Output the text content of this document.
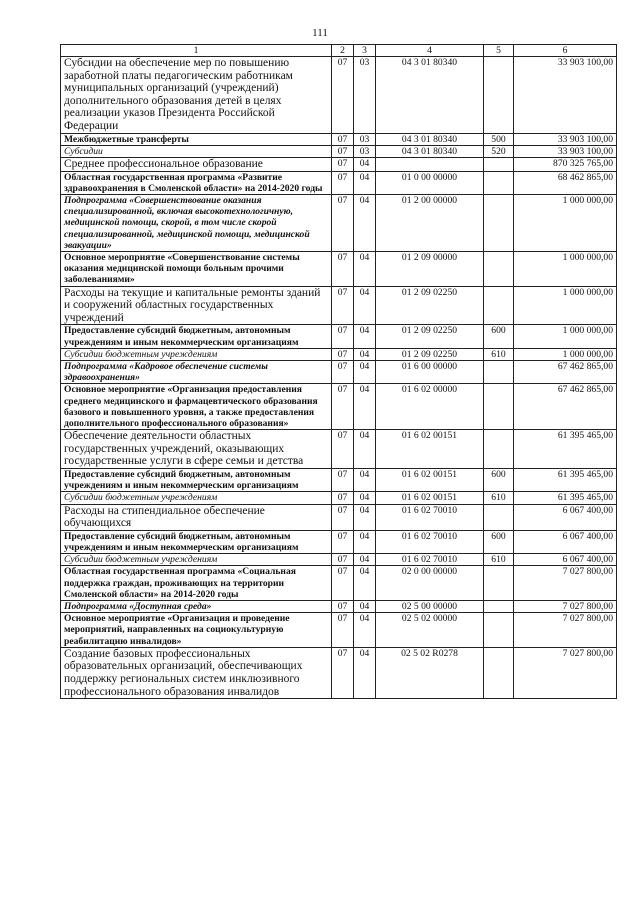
111
1	2	3	4	5	6
Субсидии на обеспечение мер по повышению заработной платы педагогическим работникам муниципальных организаций (учреждений) дополнительного образования детей в целях реализации указов Президента Российской Федерации	07	03	04 3 01 80340		33 903 100,00
Межбюджетные трансферты	07	03	04 3 01 80340	500	33 903 100,00
Субсидии	07	03	04 3 01 80340	520	33 903 100,00
Среднее профессиональное образование	07	04			870 325 765,00
Областная государственная программа «Развитие здравоохранения в Смоленской области» на 2014-2020 годы	07	04	01 0 00 00000		68 462 865,00
Подпрограмма «Совершенствование оказания специализированной, включая высокотехнологичную, медицинской помощи, скорой, в том числе скорой специализированной, медицинской помощи, медицинской эвакуации»	07	04	01 2 00 00000		1 000 000,00
Основное мероприятие «Совершенствование системы оказания медицинской помощи больным прочими заболеваниями»	07	04	01 2 09 00000		1 000 000,00
Расходы на текущие и капитальные ремонты зданий и сооружений областных государственных учреждений	07	04	01 2 09 02250		1 000 000,00
Предоставление субсидий бюджетным, автономным учреждениям и иным некоммерческим организациям	07	04	01 2 09 02250	600	1 000 000,00
Субсидии бюджетным учреждениям	07	04	01 2 09 02250	610	1 000 000,00
Подпрограмма «Кадровое обеспечение системы здравоохранения»	07	04	01 6 00 00000		67 462 865,00
Основное мероприятие «Организация предоставления среднего медицинского и фармацевтического образования базового и повышенного уровня, а также предоставления дополнительного профессионального образования»	07	04	01 6 02 00000		67 462 865,00
Обеспечение деятельности областных государственных учреждений, оказывающих государственные услуги в сфере семьи и детства	07	04	01 6 02 00151		61 395 465,00
Предоставление субсидий бюджетным, автономным учреждениям и иным некоммерческим организациям	07	04	01 6 02 00151	600	61 395 465,00
Субсидии бюджетным учреждениям	07	04	01 6 02 00151	610	61 395 465,00
Расходы на стипендиальное обеспечение обучающихся	07	04	01 6 02 70010		6 067 400,00
Предоставление субсидий бюджетным, автономным учреждениям и иным некоммерческим организациям	07	04	01 6 02 70010	600	6 067 400,00
Субсидии бюджетным учреждениям	07	04	01 6 02 70010	610	6 067 400,00
Областная государственная программа «Социальная поддержка граждан, проживающих на территории Смоленской области» на 2014-2020 годы	07	04	02 0 00 00000		7 027 800,00
Подпрограмма «Доступная среда»	07	04	02 5 00 00000		7 027 800,00
Основное мероприятие «Организация и проведение мероприятий, направленных на социокультурную реабилитацию инвалидов»	07	04	02 5 02 00000		7 027 800,00
Создание базовых профессиональных образовательных организаций, обеспечивающих поддержку региональных систем инклюзивного профессионального образования инвалидов	07	04	02 5 02 R0278		7 027 800,00
